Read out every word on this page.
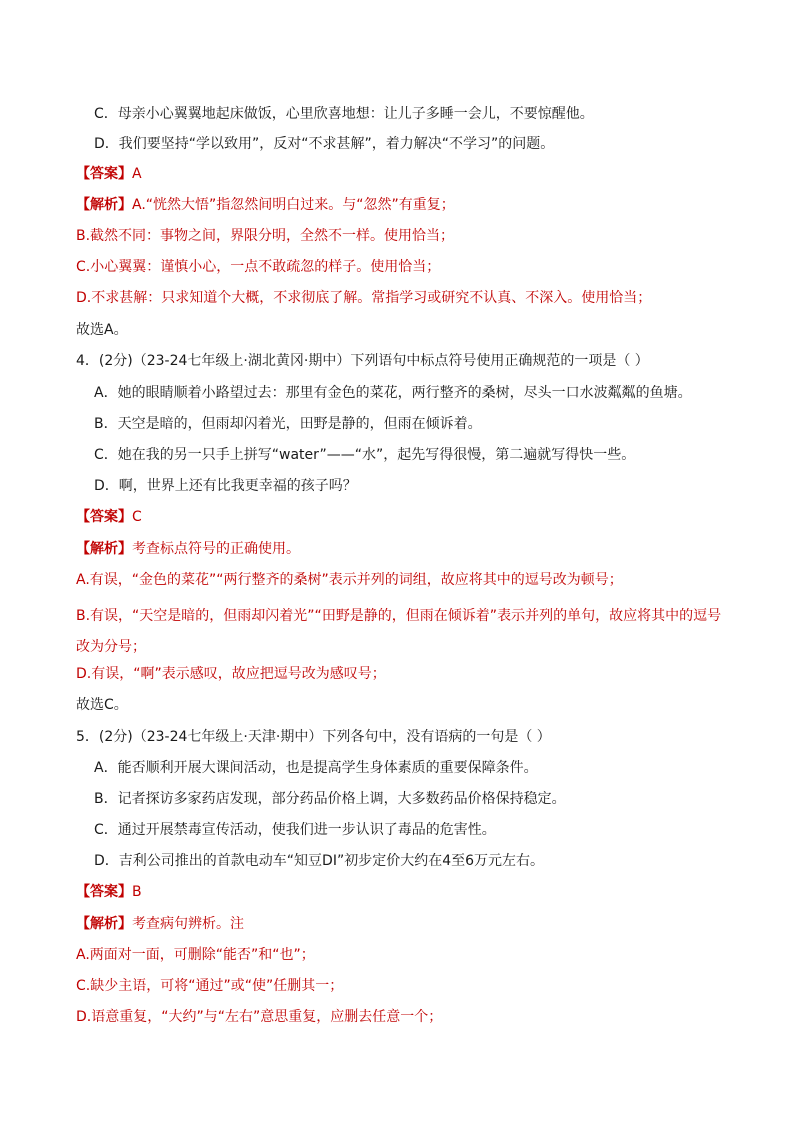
C．母亲小心翼翼地起床做饭，心里欣喜地想：让儿子多睡一会儿，不要惊醒他。
D．我们要坚持“学以致用”，反对“不求甚解”，着力解决“不学习”的问题。
【答案】A
【解析】A.“恍然大悟”指忽然间明白过来。与“忽然”有重复；
B.截然不同：事物之间，界限分明，全然不一样。使用恰当；
C.小心翼翼：谨慎小心，一点不敢疏忽的样子。使用恰当；
D.不求甚解：只求知道个大概，不求彻底了解。常指学习或研究不认真、不深入。使用恰当；
故选A。
4．(2分)（23-24七年级上·湖北黄冈·期中）下列语句中标点符号使用正确规范的一项是（ ）
A．她的眼睛顺着小路望过去：那里有金色的菜花，两行整齐的桑树，尽头一口水波粼粼的鱼塘。
B．天空是暗的，但雨却闪着光，田野是静的，但雨在倾诉着。
C．她在我的另一只手上拼写“water”——“水”，起先写得很慢，第二遍就写得快一些。
D．啊，世界上还有比我更幸福的孩子吗？
【答案】C
【解析】考查标点符号的正确使用。
A.有误，“金色的菜花”“两行整齐的桑树”表示并列的词组，故应将其中的逗号改为顿号；
B.有误，“天空是暗的，但雨却闪着光”“田野是静的，但雨在倾诉着”表示并列的单句，故应将其中的逗号改为分号；
D.有误，“啊”表示感叹，故应把逗号改为感叹号；
故选C。
5．(2分)（23-24七年级上·天津·期中）下列各句中，没有语病的一句是（ ）
A．能否顺利开展大课间活动，也是提高学生身体素质的重要保障条件。
B．记者探访多家药店发现，部分药品价格上调，大多数药品价格保持稳定。
C．通过开展禁毒宣传活动，使我们进一步认识了毒品的危害性。
D．吉利公司推出的首款电动车“知豆DI”初步定价大约在4至6万元左右。
【答案】B
【解析】考查病句辨析。注
A.两面对一面，可删除“能否”和“也”；
C.缺少主语，可将“通过”或“使”任删其一；
D.语意重复，“大约”与“左右”意思重复，应删去任意一个；
